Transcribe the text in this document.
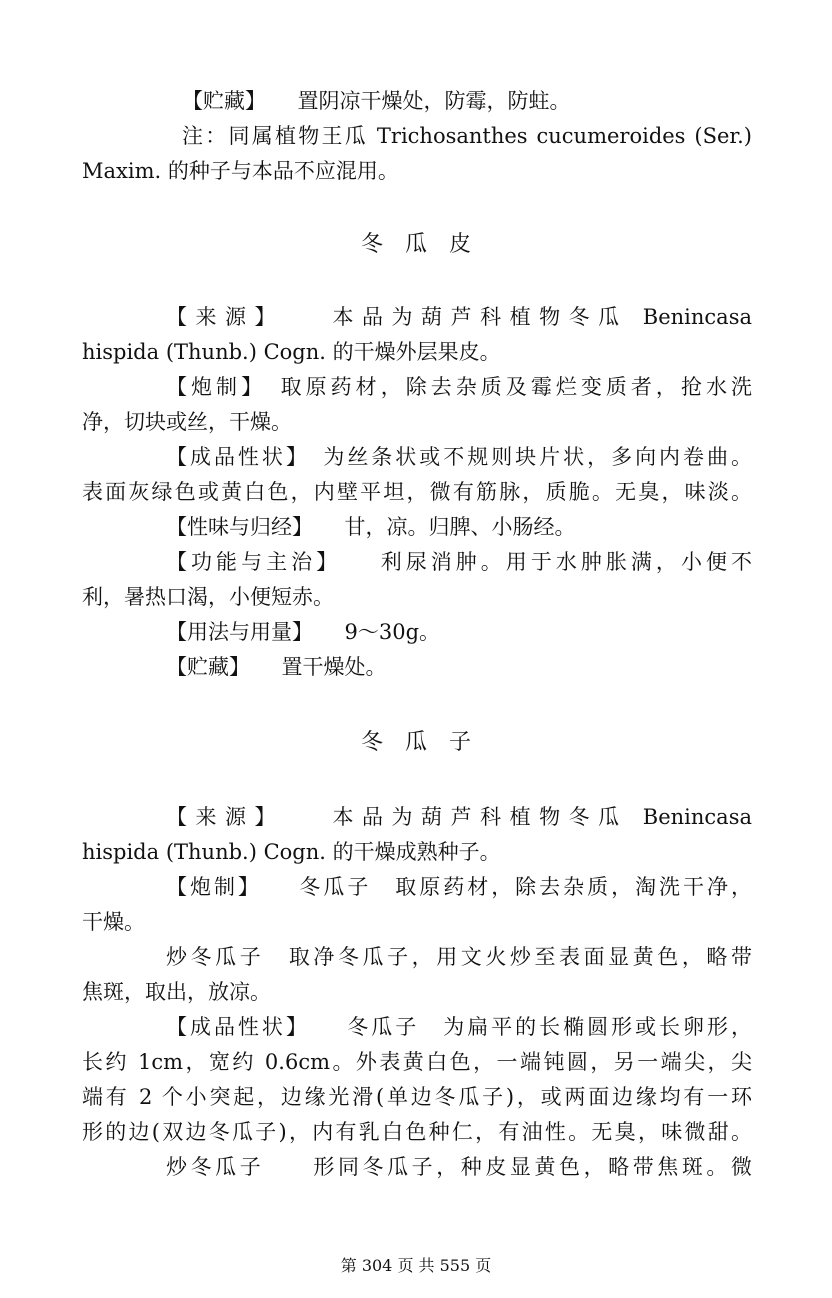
【贮藏】　　置阴凉干燥处，防霉，防蛀。
注：同属植物王瓜 Trichosanthes cucumeroides (Ser.)
Maxim. 的种子与本品不应混用。
冬　瓜　皮
【来源】　　本品为葫芦科植物冬瓜 Benincasa
hispida (Thunb.) Cogn. 的干燥外层果皮。
【炮制】　取原药材，除去杂质及霉烂变质者，抢水洗
净，切块或丝，干燥。
【成品性状】　为丝条状或不规则块片状，多向内卷曲。
表面灰绿色或黄白色，内壁平坦，微有筋脉，质脆。无臭，味淡。
【性味与归经】　　甘，凉。归脾、小肠经。
【功能与主治】　　利尿消肿。用于水肿胀满，小便不
利，暑热口渴，小便短赤。
【用法与用量】　　9～30g。
【贮藏】　　置干燥处。
冬　瓜　子
【来源】　　本品为葫芦科植物冬瓜 Benincasa
hispida (Thunb.) Cogn. 的干燥成熟种子。
【炮制】　　冬瓜子　取原药材，除去杂质，淘洗干净，
干燥。
炒冬瓜子　取净冬瓜子，用文火炒至表面显黄色，略带
焦斑，取出，放凉。
【成品性状】　　冬瓜子　为扁平的长椭圆形或长卵形，
长约 1cm，宽约 0.6cm。外表黄白色，一端钝圆，另一端尖，尖
端有 2 个小突起，边缘光滑(单边冬瓜子)，或两面边缘均有一环
形的边(双边冬瓜子)，内有乳白色种仁，有油性。无臭，味微甜。
炒冬瓜子　　形同冬瓜子，种皮显黄色，略带焦斑。微
第 304 页 共 555 页
